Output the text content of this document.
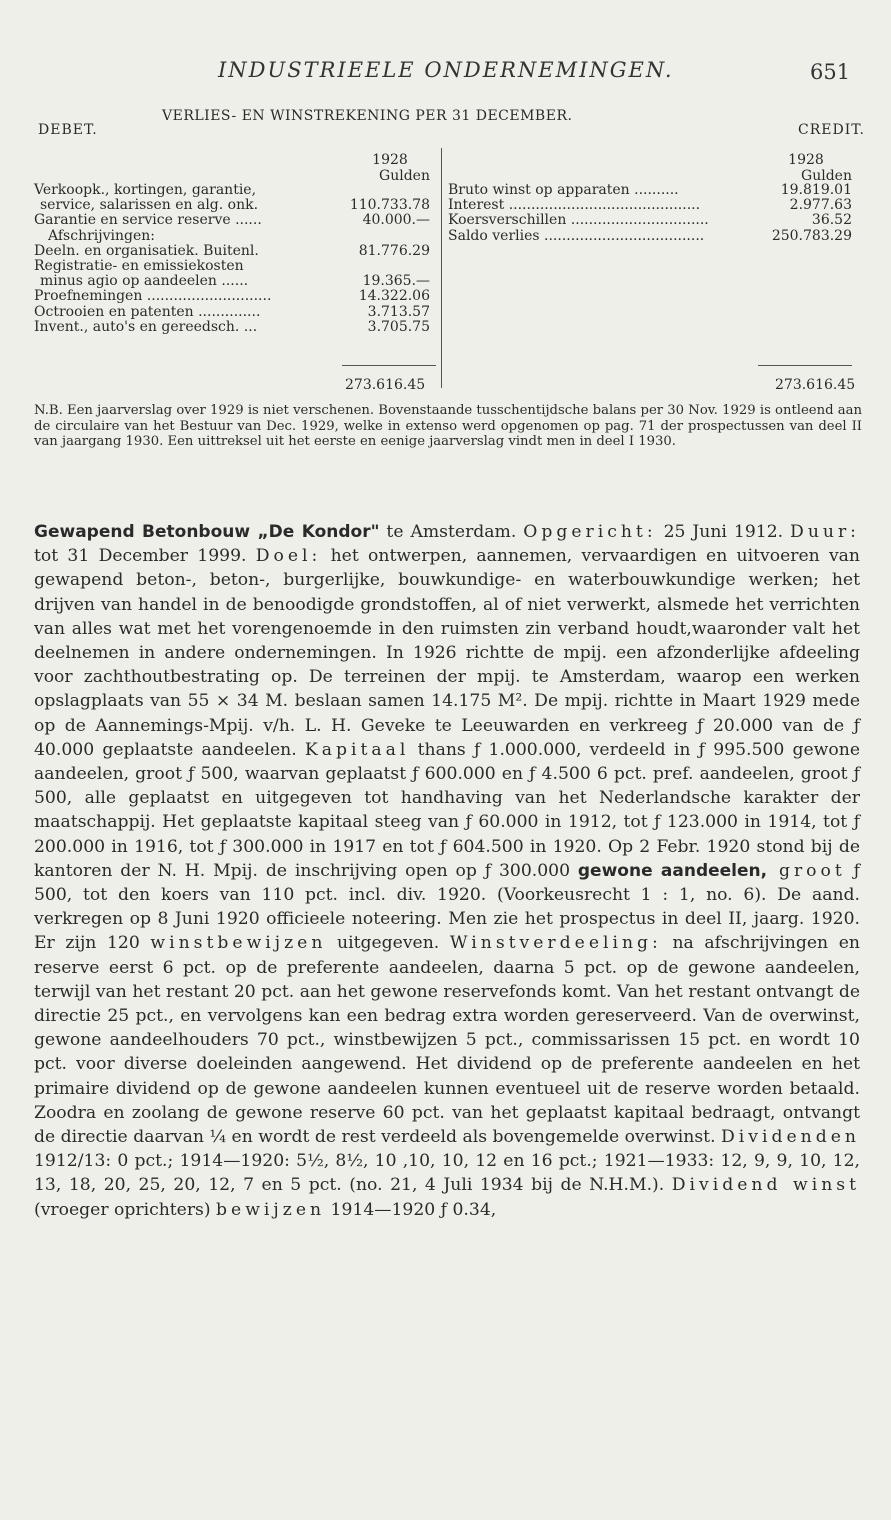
INDUSTRIEELE ONDERNEMINGEN.	651
VERLIES- EN WINSTREKENING PER 31 DECEMBER.
DEBET.	CREDIT.
1928
Gulden
1928
Gulden
Verkoopk., kortingen, garantie,
service, salarissen en alg. onk.	110.733.78
Garantie en service reserve ......	40.000.—
Afschrijvingen:
Deeln. en organisatiek. Buitenl.	81.776.29
Registratie- en emissiekosten
minus agio op aandeelen ......	19.365.—
Proefnemingen ............................	14.322.06
Octrooien en patenten ..............	3.713.57
Invent., auto's en gereedsch. ...	3.705.75
Bruto winst op apparaten ..........	19.819.01
Interest ...........................................	2.977.63
Koersverschillen ...............................	36.52
Saldo verlies ....................................	250.783.29
273.616.45	273.616.45
N.B. Een jaarverslag over 1929 is niet verschenen. Bovenstaande tusschentijdsche balans per 30 Nov. 1929 is ontleend aan de circulaire van het Bestuur van Dec. 1929, welke in extenso werd opgenomen op pag. 71 der prospectussen van deel II van jaargang 1930. Een uittreksel uit het eerste en eenige jaarverslag vindt men in deel I 1930.
Gewapend Betonbouw „De Kondor" te Amsterdam. Opgericht: 25 Juni 1912. Duur: tot 31 December 1999. Doel: het ontwerpen, aannemen, vervaardigen en uitvoeren van gewapend beton-, beton-, burgerlijke, bouwkundige- en waterbouwkundige werken; het drijven van handel in de benoodigde grondstoffen, al of niet verwerkt, alsmede het verrichten van alles wat met het vorengenoemde in den ruimsten zin verband houdt,waaronder valt het deelnemen in andere ondernemingen. In 1926 richtte de mpij. een afzonderlijke afdeeling voor zachthoutbestrating op. De terreinen der mpij. te Amsterdam, waarop een werken opslagplaats van 55 × 34 M. beslaan samen 14.175 M². De mpij. richtte in Maart 1929 mede op de Aannemings-Mpij. v/h. L. H. Geveke te Leeuwarden en verkreeg ƒ 20.000 van de ƒ 40.000 geplaatste aandeelen. Kapitaal thans ƒ 1.000.000, verdeeld in ƒ 995.500 gewone aandeelen, groot ƒ 500, waarvan geplaatst ƒ 600.000 en ƒ 4.500 6 pct. pref. aandeelen, groot ƒ 500, alle geplaatst en uitgegeven tot handhaving van het Nederlandsche karakter der maatschappij. Het geplaatste kapitaal steeg van ƒ 60.000 in 1912, tot ƒ 123.000 in 1914, tot ƒ 200.000 in 1916, tot ƒ 300.000 in 1917 en tot ƒ 604.500 in 1920. Op 2 Febr. 1920 stond bij de kantoren der N. H. Mpij. de inschrijving open op ƒ 300.000 gewone aandeelen, groot ƒ 500, tot den koers van 110 pct. incl. div. 1920. (Voorkeusrecht 1 : 1, no. 6). De aand. verkregen op 8 Juni 1920 officieele noteering. Men zie het prospectus in deel II, jaarg. 1920. Er zijn 120 winstbewijzen uitgegeven. Winstverdeeling: na afschrijvingen en reserve eerst 6 pct. op de preferente aandeelen, daarna 5 pct. op de gewone aandeelen, terwijl van het restant 20 pct. aan het gewone reservefonds komt. Van het restant ontvangt de directie 25 pct., en vervolgens kan een bedrag extra worden gereserveerd. Van de overwinst, gewone aandeelhouders 70 pct., winstbewijzen 5 pct., commissarissen 15 pct. en wordt 10 pct. voor diverse doeleinden aangewend. Het dividend op de preferente aandeelen en het primaire dividend op de gewone aandeelen kunnen eventueel uit de reserve worden betaald. Zoodra en zoolang de gewone reserve 60 pct. van het geplaatst kapitaal bedraagt, ontvangt de directie daarvan ¼ en wordt de rest verdeeld als bovengemelde overwinst. Dividenden 1912/13: 0 pct.; 1914—1920: 5½, 8½, 10 ,10, 10, 12 en 16 pct.; 1921—1933: 12, 9, 9, 10, 12, 13, 18, 20, 25, 20, 12, 7 en 5 pct. (no. 21, 4 Juli 1934 bij de N.H.M.). Dividend winst (vroeger oprichters) bewijzen 1914—1920 ƒ 0.34,
